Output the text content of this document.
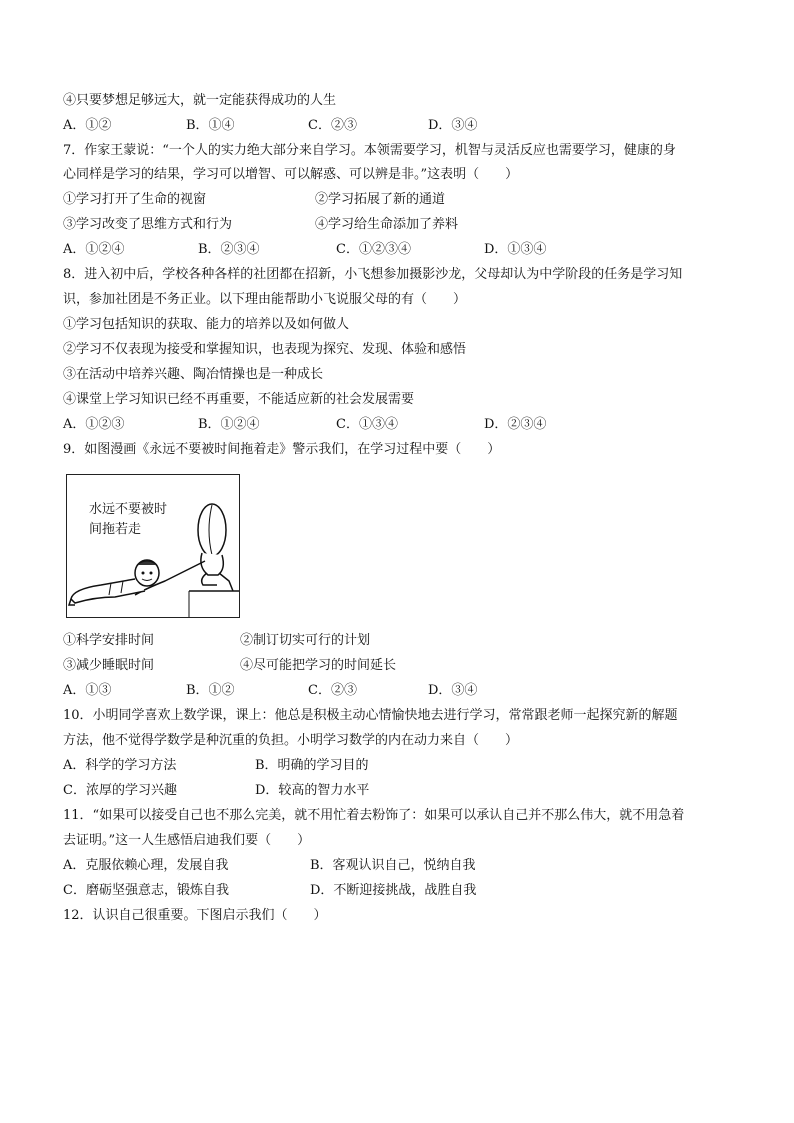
④只要梦想足够远大，就一定能获得成功的人生
A．①②	B．①④	C．②③	D．③④
7．作家王蒙说：“一个人的实力绝大部分来自学习。本领需要学习，机智与灵活反应也需要学习，健康的身
心同样是学习的结果，学习可以增智、可以解惑、可以辨是非。”这表明（　　）
①学习打开了生命的视窗	②学习拓展了新的通道
③学习改变了思维方式和行为	④学习给生命添加了养料
A．①②④	B．②③④	C．①②③④	D．①③④
8．进入初中后，学校各种各样的社团都在招新，小飞想参加摄影沙龙，父母却认为中学阶段的任务是学习知
识，参加社团是不务正业。以下理由能帮助小飞说服父母的有（　　）
①学习包括知识的获取、能力的培养以及如何做人
②学习不仅表现为接受和掌握知识，也表现为探究、发现、体验和感悟
③在活动中培养兴趣、陶冶情操也是一种成长
④课堂上学习知识已经不再重要，不能适应新的社会发展需要
A．①②③	B．①②④	C．①③④	D．②③④
9．如图漫画《永远不要被时间拖着走》警示我们，在学习过程中要（　　）
水远不要被时
间拖若走
①科学安排时间	②制订切实可行的计划
③减少睡眠时间	④尽可能把学习的时间延长
A．①③	B．①②	C．②③	D．③④
10．小明同学喜欢上数学课，课上：他总是积极主动心情愉快地去进行学习，常常跟老师一起探究新的解题
方法，他不觉得学数学是种沉重的负担。小明学习数学的内在动力来自（　　）
A．科学的学习方法	B．明确的学习目的
C．浓厚的学习兴趣	D．较高的智力水平
11．“如果可以接受自己也不那么完美，就不用忙着去粉饰了：如果可以承认自己并不那么伟大，就不用急着
去证明。”这一人生感悟启迪我们要（　　）
A．克服依赖心理，发展自我	B．客观认识自己，悦纳自我
C．磨砺坚强意志，锻炼自我	D．不断迎接挑战，战胜自我
12．认识自己很重要。下图启示我们（　　）
